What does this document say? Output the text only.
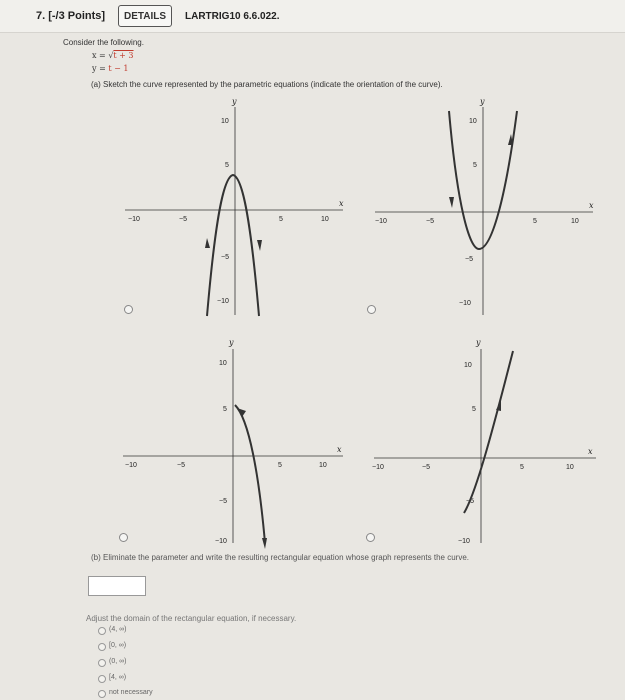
7. [-/3 Points]	DETAILS	LARTRIG10 6.6.022.
Consider the following.
x = √t + 3
y = t − 1
(a) Sketch the curve represented by the parametric equations (indicate the orientation of the curve).
x
y
−10	−5	5	10
10
5
−5
−10
x
y
−10	−5	5	10
10
5
−5
−10
x
y
−10	−5	5	10
10
5
−5
−10
x
y
−10	−5	5	10
10
5
−5
−10
(b) Eliminate the parameter and write the resulting rectangular equation whose graph represents the curve.
Adjust the domain of the rectangular equation, if necessary.
(4, ∞)
[0, ∞)
(0, ∞)
[4, ∞)
not necessary
